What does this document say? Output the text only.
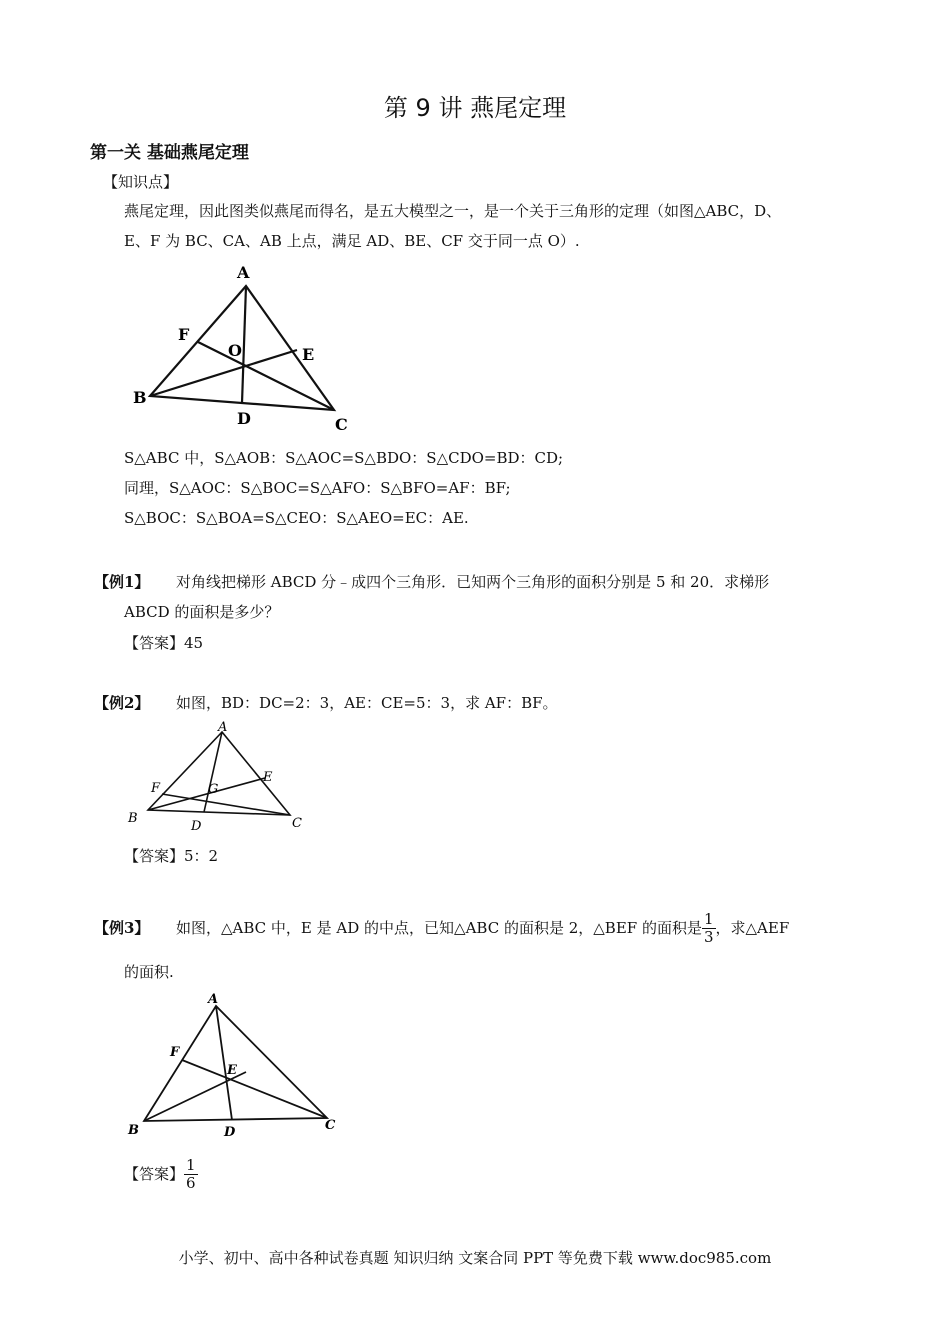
第 9 讲 燕尾定理
第一关 基础燕尾定理
【知识点】
燕尾定理，因此图类似燕尾而得名，是五大模型之一，是一个关于三角形的定理（如图△ABC，D、
E、F 为 BC、CA、AB 上点，满足 AD、BE、CF 交于同一点 O）.
A
B
C
D
E
F
O
S△ABC 中，S△AOB：S△AOC=S△BDO：S△CDO=BD：CD;
同理，S△AOC：S△BOC=S△AFO：S△BFO=AF：BF;
S△BOC：S△BOA=S△CEO：S△AEO=EC：AE.
【例1】 对角线把梯形 ABCD 分﹣成四个三角形．已知两个三角形的面积分别是 5 和 20．求梯形
ABCD 的面积是多少？
【答案】45
【例2】 如图，BD：DC=2：3，AE：CE=5：3，求 AF：BF。
A
B	C
D
E
F	G
【答案】5：2
【例3】 如图，△ABC 中，E 是 AD 的中点，已知△ABC 的面积是 2，△BEF 的面积是 $\frac{1}{3}$ ，求△AEF
的面积.
A
B	C
D
E
F
【答案】 $\frac{1}{6}$
小学、初中、高中各种试卷真题 知识归纳 文案合同 PPT 等免费下载 www.doc985.com
